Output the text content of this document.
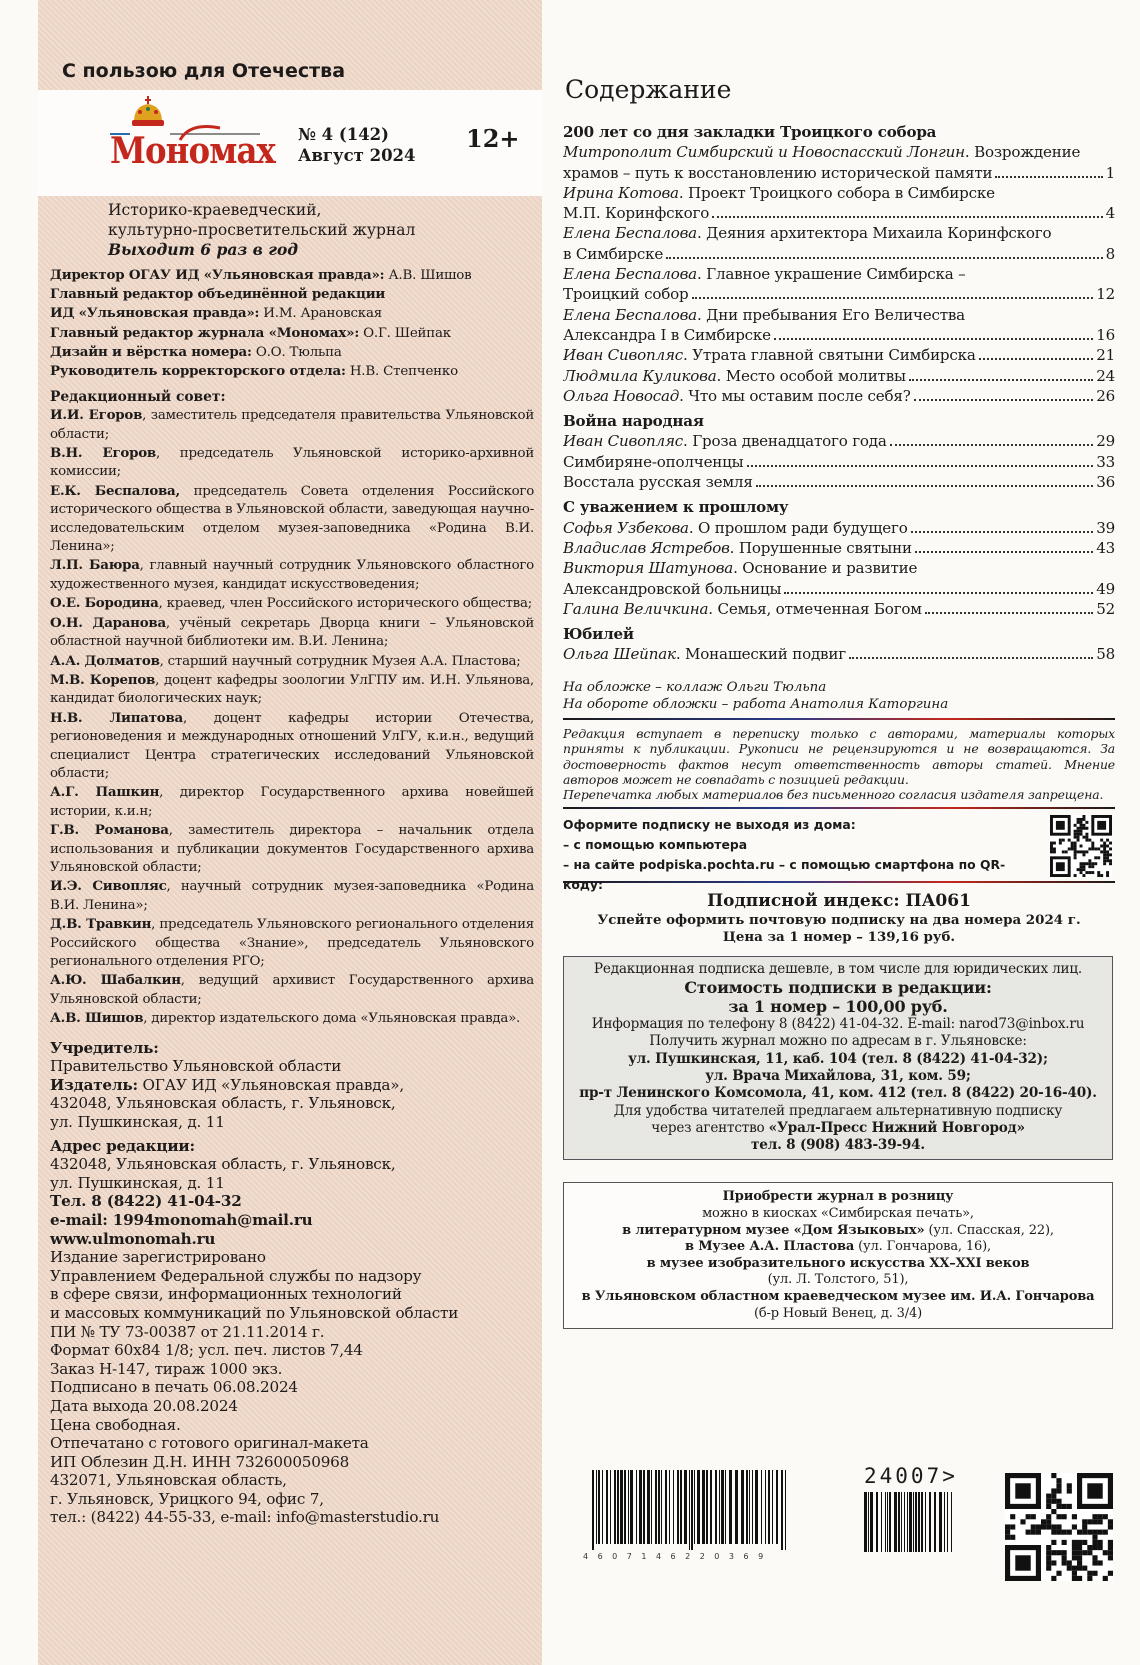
С пользою для Отечества
Мономах № 4 (142)
Август 2024
12+
Историко-краеведческий,
культурно-просветительский журнал
Выходит 6 раз в год
Директор ОГАУ ИД «Ульяновская правда»: А.В. Шишов
Главный редактор объединённой редакции
ИД «Ульяновская правда»: И.М. Арановская
Главный редактор журнала «Мономах»: О.Г. Шейпак
Дизайн и вёрстка номера: О.О. Тюльпа
Руководитель корректорского отдела: Н.В. Степченко
Редакционный совет:

И.И. Егоров, заместитель председателя правительства Ульяновской области;

В.Н. Егоров, председатель Ульяновской историко-архивной комиссии;

Е.К. Беспалова, председатель Совета отделения Российского исторического общества в Ульяновской области, заведующая научно-исследовательским отделом музея-заповедника «Родина В.И. Ленина»;

Л.П. Баюра, главный научный сотрудник Ульяновского областного художественного музея, кандидат искусствоведения;

О.Е. Бородина, краевед, член Российского исторического общества;

О.Н. Даранова, учёный секретарь Дворца книги – Ульяновской областной научной библиотеки им. В.И. Ленина;

А.А. Долматов, старший научный сотрудник Музея А.А. Пластова;

М.В. Корепов, доцент кафедры зоологии УлГПУ им. И.Н. Ульянова, кандидат биологических наук;

Н.В. Липатова, доцент кафедры истории Отечества, регионоведения и международных отношений УлГУ, к.и.н., ведущий специалист Центра стратегических исследований Ульяновской области;

А.Г. Пашкин, директор Государственного архива новейшей истории, к.и.н;

Г.В. Романова, заместитель директора – начальник отдела использования и публикации документов Государственного архива Ульяновской области;

И.Э. Сивопляс, научный сотрудник музея-заповедника «Родина В.И. Ленина»;

Д.В. Травкин, председатель Ульяновского регионального отделения Российского общества «Знание», председатель Ульяновского регионального отделения РГО;

А.Ю. Шабалкин, ведущий архивист Государственного архива Ульяновской области;

А.В. Шишов, директор издательского дома «Ульяновская правда».

Учредитель:
Правительство Ульяновской области
Издатель: ОГАУ ИД «Ульяновская правда»,
432048, Ульяновская область, г. Ульяновск,
ул. Пушкинская, д. 11
Адрес редакции:
432048, Ульяновская область, г. Ульяновск,
ул. Пушкинская, д. 11
Тел. 8 (8422) 41-04-32
e-mail: 1994monomah@mail.ru
www.ulmonomah.ru
Издание зарегистрировано
Управлением Федеральной службы по надзору
в сфере связи, информационных технологий
и массовых коммуникаций по Ульяновской области
ПИ № ТУ 73-00387 от 21.11.2014 г.
Формат 60х84 1/8; усл. печ. листов 7,44
Заказ Н-147, тираж 1000 экз.
Подписано в печать 06.08.2024
Дата выхода 20.08.2024
Цена свободная.
Отпечатано с готового оригинал-макета
ИП Облезин Д.Н. ИНН 732600050968
432071, Ульяновская область,
г. Ульяновск, Урицкого 94, офис 7,
тел.: (8422) 44-55-33, e-mail: info@masterstudio.ru
Содержание
200 лет со дня закладки Троицкого собора
Митрополит Симбирский и Новоспасский Лонгин. Возрождение
храмов – путь к восстановлению исторической памяти	1
Ирина Котова. Проект Троицкого собора в Симбирске
М.П. Коринфского	4
Елена Беспалова. Деяния архитектора Михаила Коринфского
в Симбирске	8
Елена Беспалова. Главное украшение Симбирска –
Троицкий собор	12
Елена Беспалова. Дни пребывания Его Величества
Александра I в Симбирске	16
Иван Сивопляс. Утрата главной святыни Симбирска	21
Людмила Куликова. Место особой молитвы	24
Ольга Новосад. Что мы оставим после себя?	26
Война народная
Иван Сивопляс. Гроза двенадцатого года	29
Симбиряне-ополченцы	33
Восстала русская земля	36
С уважением к прошлому
Софья Узбекова. О прошлом ради будущего	39
Владислав Ястребов. Порушенные святыни	43
Виктория Шатунова. Основание и развитие
Александровской больницы	49
Галина Величкина. Семья, отмеченная Богом	52
Юбилей
Ольга Шейпак. Монашеский подвиг	58
На обложке – коллаж Ольги Тюльпа
На обороте обложки – работа Анатолия Каторгина
Редакция вступает в переписку только с авторами, материалы которых приняты к публикации. Рукописи не рецензируются и не возвращаются. За достоверность фактов несут ответственность авторы статей. Мнение авторов может не совпадать с позицией редакции.
Перепечатка любых материалов без письменного согласия издателя запрещена.
Оформите подписку не выходя из дома:
– с помощью компьютера
– на сайте podpiska.pochta.ru – с помощью смартфона по QR-коду:
Подписной индекс: ПА061
Успейте оформить почтовую подписку на два номера 2024 г.
Цена за 1 номер – 139,16 руб.
Редакционная подписка дешевле, в том числе для юридических лиц.
Стоимость подписки в редакции:
за 1 номер – 100,00 руб.
Информация по телефону 8 (8422) 41-04-32. E-mail: narod73@inbox.ru
Получить журнал можно по адресам в г. Ульяновске:
ул. Пушкинская, 11, каб. 104 (тел. 8 (8422) 41-04-32);
ул. Врача Михайлова, 31, ком. 59;
пр-т Ленинского Комсомола, 41, ком. 412 (тел. 8 (8422) 20-16-40).
Для удобства читателей предлагаем альтернативную подписку
через агентство «Урал-Пресс Нижний Новгород»
тел. 8 (908) 483-39-94.
Приобрести журнал в розницу
можно в киосках «Симбирская печать»,
в литературном музее «Дом Языковых» (ул. Спасская, 22),
в Музее А.А. Пластова (ул. Гончарова, 16),
в музее изобразительного искусства XX–XXI веков
(ул. Л. Толстого, 51),
в Ульяновском областном краеведческом музее им. И.А. Гончарова
(б-р Новый Венец, д. 3/4)
4607146220369
24007>
